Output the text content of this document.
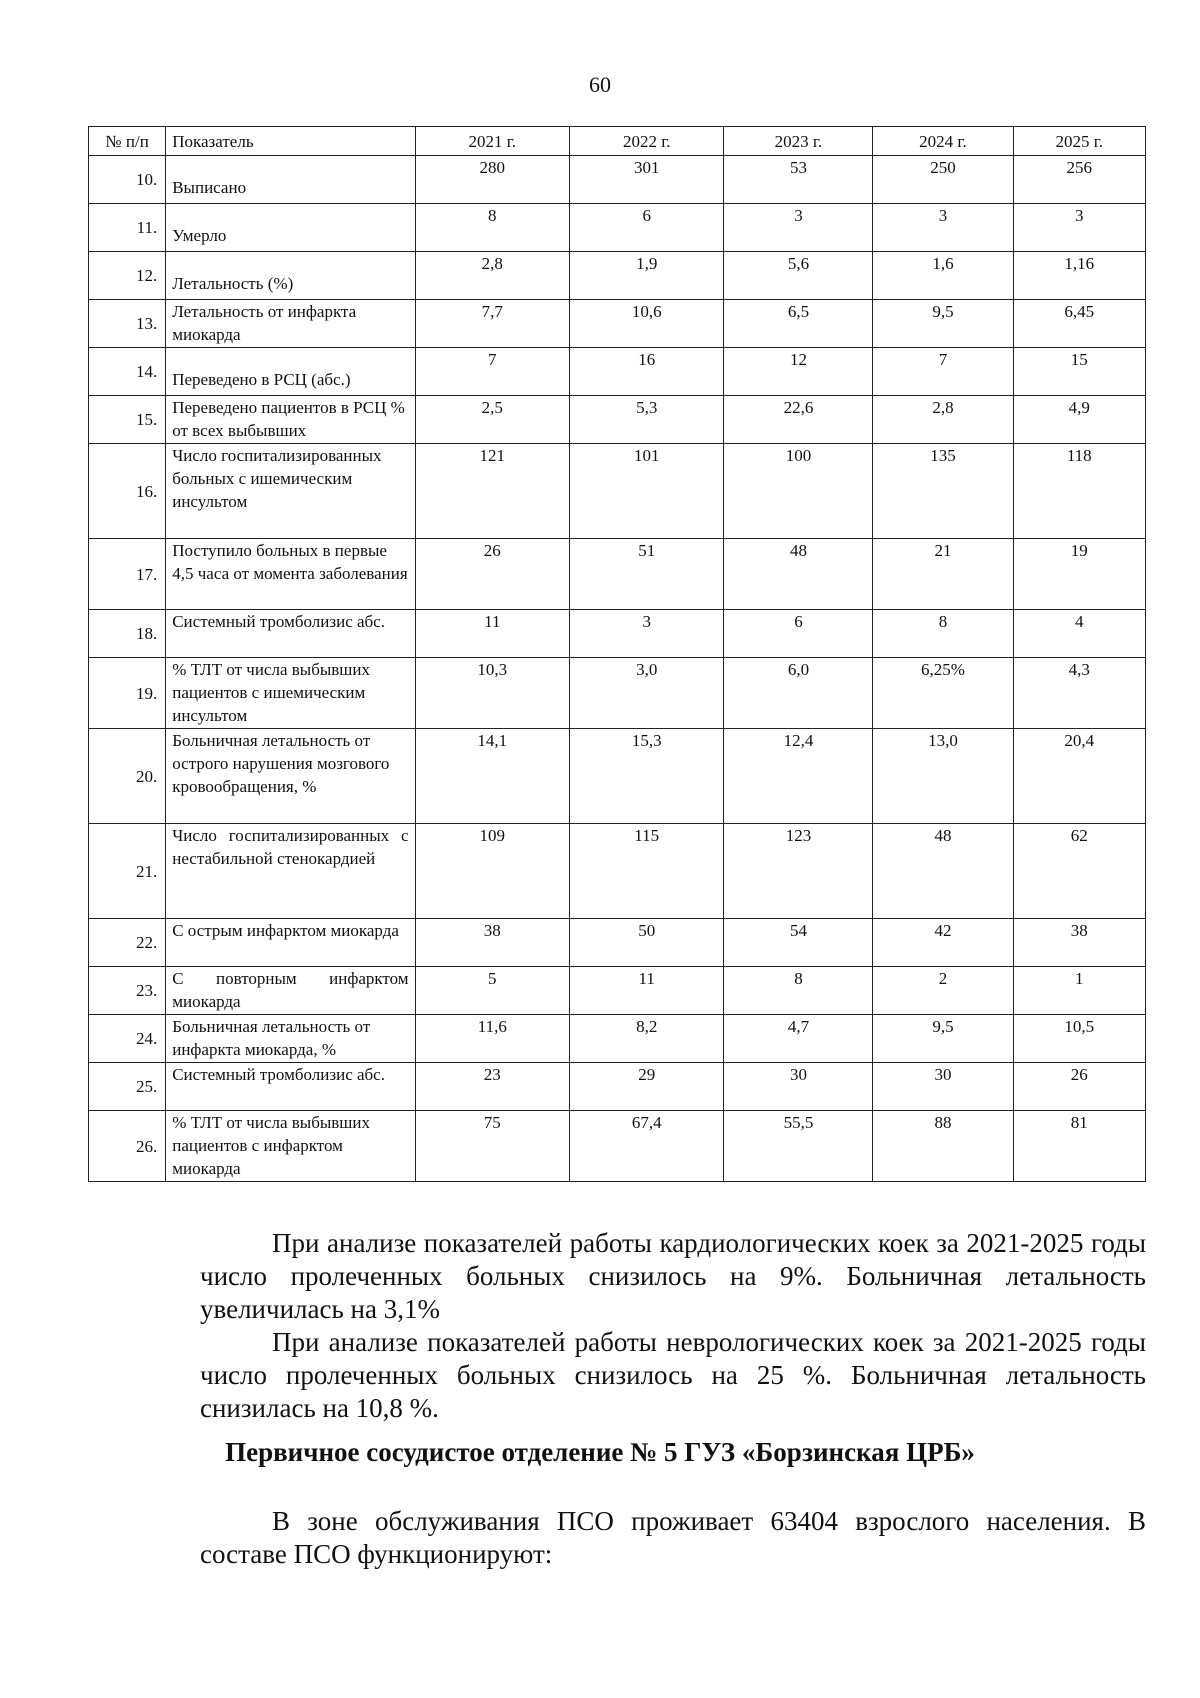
60
№ п/п	Показатель	2021 г.	2022 г.	2023 г.	2024 г.	2025 г.
10.	Выписано	280	301	53	250	256
11.	Умерло	8	6	3	3	3
12.	Летальность (%)	2,8	1,9	5,6	1,6	1,16
13.	Летальность от инфаркта миокарда	7,7	10,6	6,5	9,5	6,45
14.	Переведено в РСЦ (абс.)	7	16	12	7	15
15.	Переведено пациентов в РСЦ % от всех выбывших	2,5	5,3	22,6	2,8	4,9
16.	Число госпитализированных больных с ишемическим инсультом	121	101	100	135	118
17.	Поступило больных в первые 4,5 часа от момента заболевания	26	51	48	21	19
18.	Системный тромболизис абс.	11	3	6	8	4
19.	% ТЛТ от числа выбывших пациентов с ишемическим инсультом	10,3	3,0	6,0	6,25%	4,3
20.	Больничная летальность от острого нарушения мозгового кровообращения, %	14,1	15,3	12,4	13,0	20,4
21.	Число госпитализированных с нестабильной стенокардией	109	115	123	48	62
22.	С острым инфарктом миокарда	38	50	54	42	38
23.	С повторным инфарктом миокарда	5	11	8	2	1
24.	Больничная летальность от инфаркта миокарда, %	11,6	8,2	4,7	9,5	10,5
25.	Системный тромболизис абс.	23	29	30	30	26
26.	% ТЛТ от числа выбывших пациентов с инфарктом миокарда	75	67,4	55,5	88	81

При анализе показателей работы кардиологических коек за 2021-2025 годы число пролеченных больных снизилось на 9%. Больничная летальность увеличилась на 3,1%

При анализе показателей работы неврологических коек за 2021-2025 годы число пролеченных больных снизилось на 25 %. Больничная летальность снизилась на 10,8 %.

Первичное сосудистое отделение № 5 ГУЗ «Борзинская ЦРБ»

В зоне обслуживания ПСО проживает 63404 взрослого населения. В составе ПСО функционируют:
